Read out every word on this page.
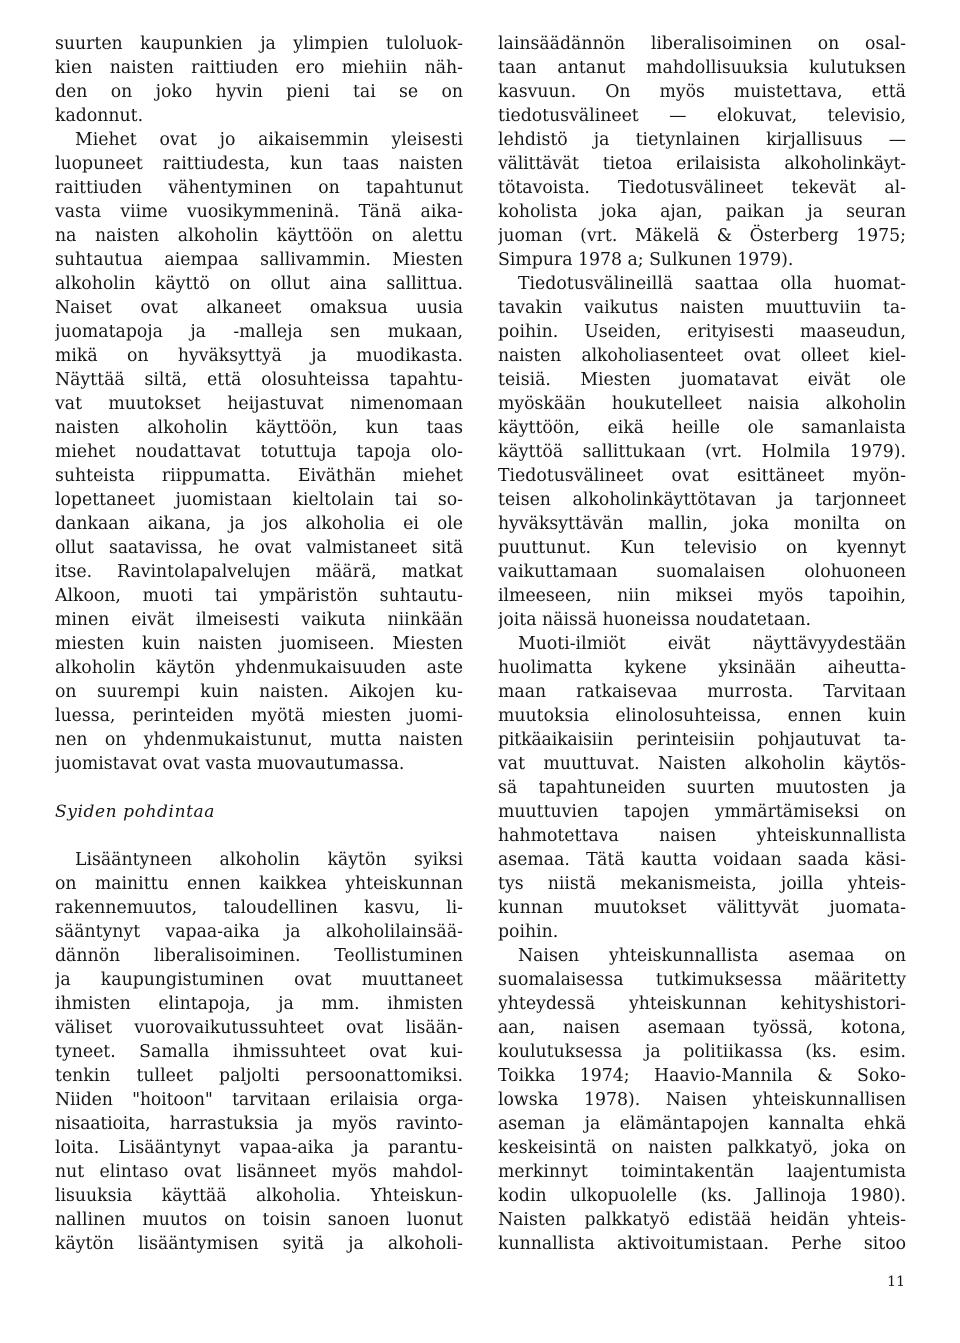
suurten kaupunkien ja ylimpien tuloluok-
kien naisten raittiuden ero miehiin näh-
den on joko hyvin pieni tai se on
kadonnut.
Miehet ovat jo aikaisemmin yleisesti
luopuneet raittiudesta, kun taas naisten
raittiuden vähentyminen on tapahtunut
vasta viime vuosikymmeninä. Tänä aika-
na naisten alkoholin käyttöön on alettu
suhtautua aiempaa sallivammin. Miesten
alkoholin käyttö on ollut aina sallittua.
Naiset ovat alkaneet omaksua uusia
juomatapoja ja -malleja sen mukaan,
mikä on hyväksyttyä ja muodikasta.
Näyttää siltä, että olosuhteissa tapahtu-
vat muutokset heijastuvat nimenomaan
naisten alkoholin käyttöön, kun taas
miehet noudattavat totuttuja tapoja olo-
suhteista riippumatta. Eiväthän miehet
lopettaneet juomistaan kieltolain tai so-
dankaan aikana, ja jos alkoholia ei ole
ollut saatavissa, he ovat valmistaneet sitä
itse. Ravintolapalvelujen määrä, matkat
Alkoon, muoti tai ympäristön suhtautu-
minen eivät ilmeisesti vaikuta niinkään
miesten kuin naisten juomiseen. Miesten
alkoholin käytön yhdenmukaisuuden aste
on suurempi kuin naisten. Aikojen ku-
luessa, perinteiden myötä miesten juomi-
nen on yhdenmukaistunut, mutta naisten
juomistavat ovat vasta muovautumassa.
Syiden pohdintaa
Lisääntyneen alkoholin käytön syiksi
on mainittu ennen kaikkea yhteiskunnan
rakennemuutos, taloudellinen kasvu, li-
sääntynyt vapaa-aika ja alkoholilainsää-
dännön liberalisoiminen. Teollistuminen
ja kaupungistuminen ovat muuttaneet
ihmisten elintapoja, ja mm. ihmisten
väliset vuorovaikutussuhteet ovat lisään-
tyneet. Samalla ihmissuhteet ovat kui-
tenkin tulleet paljolti persoonattomiksi.
Niiden "hoitoon" tarvitaan erilaisia orga-
nisaatioita, harrastuksia ja myös ravinto-
loita. Lisääntynyt vapaa-aika ja parantu-
nut elintaso ovat lisänneet myös mahdol-
lisuuksia käyttää alkoholia. Yhteiskun-
nallinen muutos on toisin sanoen luonut
käytön lisääntymisen syitä ja alkoholi-
lainsäädännön liberalisoiminen on osal-
taan antanut mahdollisuuksia kulutuksen
kasvuun. On myös muistettava, että
tiedotusvälineet — elokuvat, televisio,
lehdistö ja tietynlainen kirjallisuus —
välittävät tietoa erilaisista alkoholinkäyt-
tötavoista. Tiedotusvälineet tekevät al-
koholista joka ajan, paikan ja seuran
juoman (vrt. Mäkelä & Österberg 1975;
Simpura 1978 a; Sulkunen 1979).
Tiedotusvälineillä saattaa olla huomat-
tavakin vaikutus naisten muuttuviin ta-
poihin. Useiden, erityisesti maaseudun,
naisten alkoholiasenteet ovat olleet kiel-
teisiä. Miesten juomatavat eivät ole
myöskään houkutelleet naisia alkoholin
käyttöön, eikä heille ole samanlaista
käyttöä sallittukaan (vrt. Holmila 1979).
Tiedotusvälineet ovat esittäneet myön-
teisen alkoholinkäyttötavan ja tarjonneet
hyväksyttävän mallin, joka monilta on
puuttunut. Kun televisio on kyennyt
vaikuttamaan suomalaisen olohuoneen
ilmeeseen, niin miksei myös tapoihin,
joita näissä huoneissa noudatetaan.
Muoti-ilmiöt eivät näyttävyydestään
huolimatta kykene yksinään aiheutta-
maan ratkaisevaa murrosta. Tarvitaan
muutoksia elinolosuhteissa, ennen kuin
pitkäaikaisiin perinteisiin pohjautuvat ta-
vat muuttuvat. Naisten alkoholin käytös-
sä tapahtuneiden suurten muutosten ja
muuttuvien tapojen ymmärtämiseksi on
hahmotettava naisen yhteiskunnallista
asemaa. Tätä kautta voidaan saada käsi-
tys niistä mekanismeista, joilla yhteis-
kunnan muutokset välittyvät juomata-
poihin.
Naisen yhteiskunnallista asemaa on
suomalaisessa tutkimuksessa määritetty
yhteydessä yhteiskunnan kehityshistori-
aan, naisen asemaan työssä, kotona,
koulutuksessa ja politiikassa (ks. esim.
Toikka 1974; Haavio-Mannila & Soko-
lowska 1978). Naisen yhteiskunnallisen
aseman ja elämäntapojen kannalta ehkä
keskeisintä on naisten palkkatyö, joka on
merkinnyt toimintakentän laajentumista
kodin ulkopuolelle (ks. Jallinoja 1980).
Naisten palkkatyö edistää heidän yhteis-
kunnallista aktivoitumistaan. Perhe sitoo
11
